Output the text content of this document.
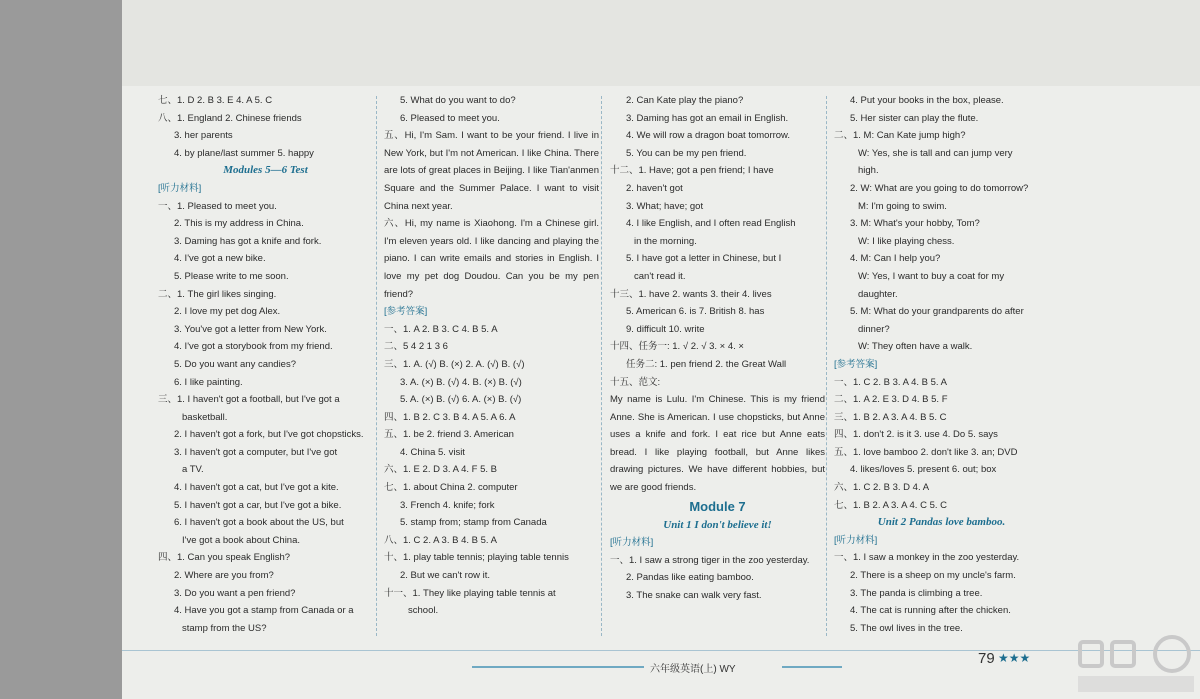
七、1. D 2. B 3. E 4. A 5. C
八、1. England 2. Chinese friends
3. her parents
4. by plane/last summer 5. happy
Modules 5—6 Test
[听力材料]
一、1. Pleased to meet you.
2. This is my address in China.
3. Daming has got a knife and fork.
4. I've got a new bike.
5. Please write to me soon.
二、1. The girl likes singing.
2. I love my pet dog Alex.
3. You've got a letter from New York.
4. I've got a storybook from my friend.
5. Do you want any candies?
6. I like painting.
三、1. I haven't got a football, but I've got a
basketball.
2. I haven't got a fork, but I've got chopsticks.
3. I haven't got a computer, but I've got
a TV.
4. I haven't got a cat, but I've got a kite.
5. I haven't got a car, but I've got a bike.
6. I haven't got a book about the US, but
I've got a book about China.
四、1. Can you speak English?
2. Where are you from?
3. Do you want a pen friend?
4. Have you got a stamp from Canada or a
stamp from the US?
5. What do you want to do?
6. Pleased to meet you.
五、Hi, I'm Sam. I want to be your friend. I live in New York, but I'm not American. I like China. There are lots of great places in Beijing. I like Tian'anmen Square and the Summer Palace. I want to visit China next year.
六、Hi, my name is Xiaohong. I'm a Chinese girl. I'm eleven years old. I like dancing and playing the piano. I can write emails and stories in English. I love my pet dog Doudou. Can you be my pen friend?
[参考答案]
一、1. A 2. B 3. C 4. B 5. A
二、5 4 2 1 3 6
三、1. A. (√) B. (×) 2. A. (√) B. (√)
3. A. (×) B. (√) 4. B. (×) B. (√)
5. A. (×) B. (√) 6. A. (×) B. (√)
四、1. B 2. C 3. B 4. A 5. A 6. A
五、1. be 2. friend 3. American
4. China 5. visit
六、1. E 2. D 3. A 4. F 5. B
七、1. about China 2. computer
3. French 4. knife; fork
5. stamp from; stamp from Canada
八、1. C 2. A 3. B 4. B 5. A
十、1. play table tennis; playing table tennis
2. But we can't row it.
十一、1. They like playing table tennis at
school.
2. Can Kate play the piano?
3. Daming has got an email in English.
4. We will row a dragon boat tomorrow.
5. You can be my pen friend.
十二、1. Have; got a pen friend; I have
2. haven't got
3. What; have; got
4. I like English, and I often read English
in the morning.
5. I have got a letter in Chinese, but I
can't read it.
十三、1. have 2. wants 3. their 4. lives
5. American 6. is 7. British 8. has
9. difficult 10. write
十四、任务一: 1. √ 2. √ 3. × 4. ×
任务二: 1. pen friend 2. the Great Wall
十五、范文:
My name is Lulu. I'm Chinese. This is my friend Anne. She is American. I use chopsticks, but Anne uses a knife and fork. I eat rice but Anne eats bread. I like playing football, but Anne likes drawing pictures. We have different hobbies, but we are good friends.
Module 7
Unit 1 I don't believe it!
[听力材料]
一、1. I saw a strong tiger in the zoo yesterday.
2. Pandas like eating bamboo.
3. The snake can walk very fast.
4. Put your books in the box, please.
5. Her sister can play the flute.
二、1. M: Can Kate jump high?
W: Yes, she is tall and can jump very
high.
2. W: What are you going to do tomorrow?
M: I'm going to swim.
3. M: What's your hobby, Tom?
W: I like playing chess.
4. M: Can I help you?
W: Yes, I want to buy a coat for my
daughter.
5. M: What do your grandparents do after
dinner?
W: They often have a walk.
[参考答案]
一、1. C 2. B 3. A 4. B 5. A
二、1. A 2. E 3. D 4. B 5. F
三、1. B 2. A 3. A 4. B 5. C
四、1. don't 2. is it 3. use 4. Do 5. says
五、1. love bamboo 2. don't like 3. an; DVD
4. likes/loves 5. present 6. out; box
六、1. C 2. B 3. D 4. A
七、1. B 2. A 3. A 4. C 5. C
Unit 2 Pandas love bamboo.
[听力材料]
一、1. I saw a monkey in the zoo yesterday.
2. There is a sheep on my uncle's farm.
3. The panda is climbing a tree.
4. The cat is running after the chicken.
5. The owl lives in the tree.
六年级英语(上) WY
79 ★★★
